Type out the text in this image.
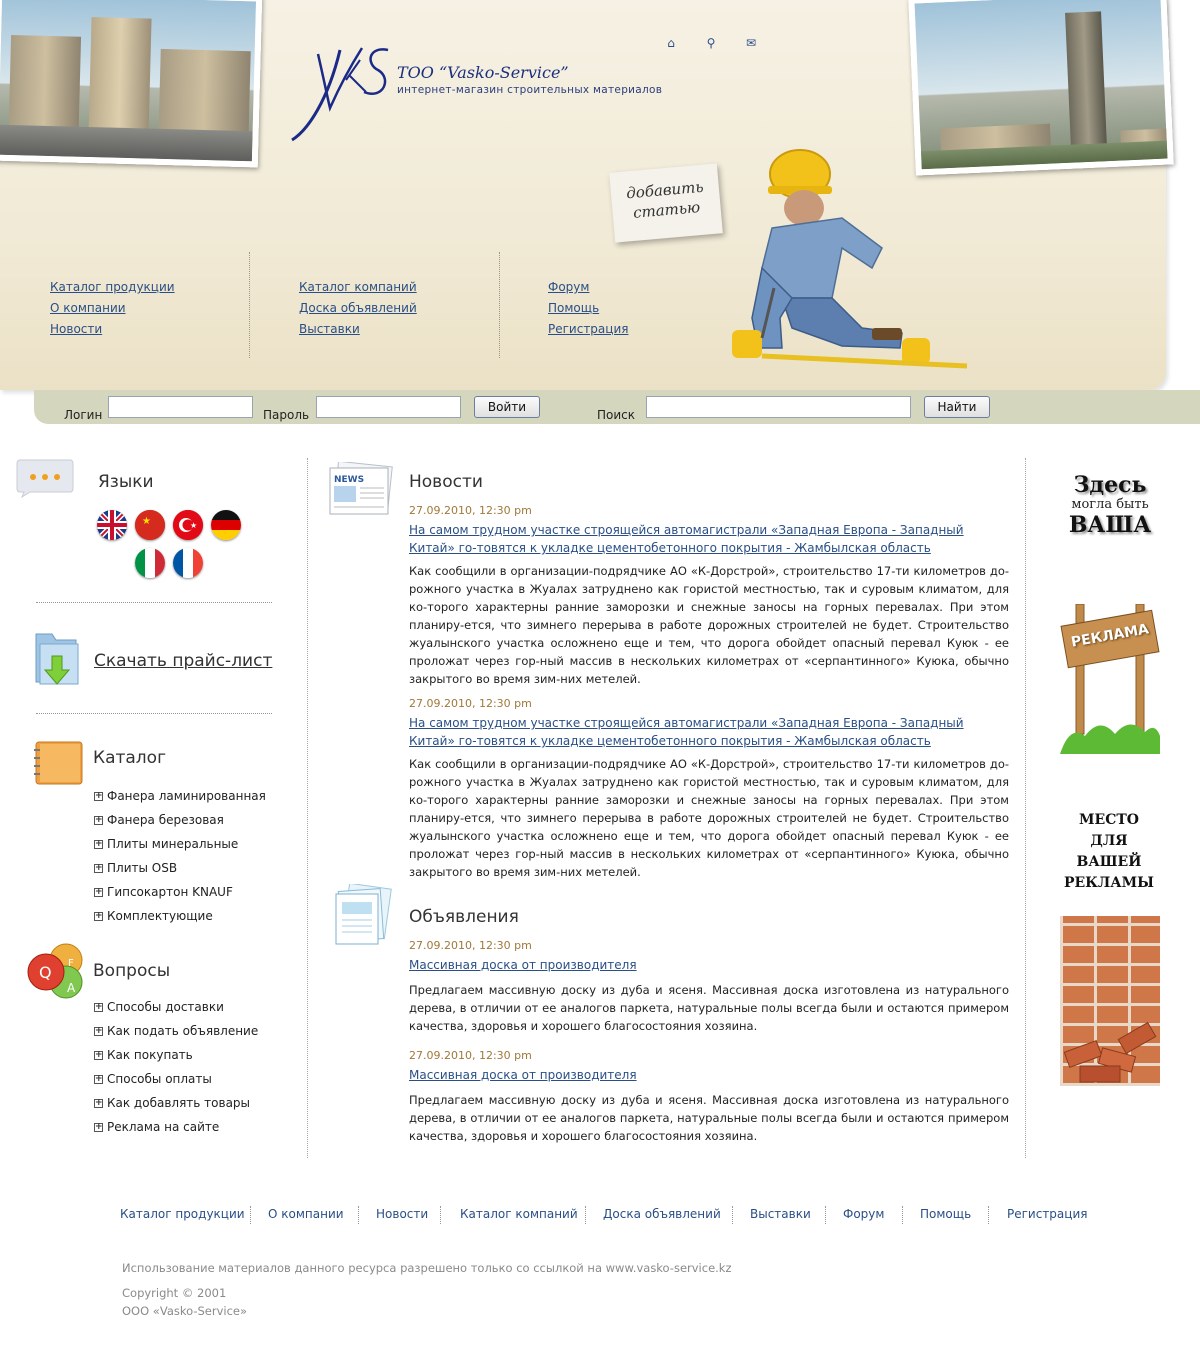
ТОО “Vasko-Service”
интернет-магазин строительных материалов
⌂	⚲	✉
добавить
статью
Каталог продукции
О компании
Новости
Каталог компаний
Доска объявлений
Выставки
Форум
Помощь
Регистрация
Логин	Пароль
Войти
Поиск
Найти
Языки
★	★
Скачать прайс-лист
Каталог
+ Фанера ламинированная
+ Фанера березовая
+ Плиты минеральные
+ Плиты OSB
+ Гипсокартон KNAUF
+ Комплектующие
Q F
A
Вопросы
+ Способы доставки
+ Как подать объявление
+ Как покупать
+ Способы оплаты
+ Как добавлять товары
+ Реклама на сайте
NEWS	Новости
27.09.2010, 12:30 pm
На самом трудном участке строящейся автомагистрали «Западная Европа - Западный Китай» го-товятся к укладке цементобетонного покрытия - Жамбылская область
Как сообщили в организации-подрядчике АО «К-Дорстрой», строительство 17-ти километров до-рожного участка в Жуалах затруднено как гористой местностью, так и суровым климатом, для ко-торого характерны ранние заморозки и снежные заносы на горных перевалах. При этом планиру-ется, что зимнего перерыва в работе дорожных строителей не будет. Строительство жуалынского участка осложнено еще и тем, что дорога обойдет опасный перевал Куюк - ее проложат через гор-ный массив в нескольких километрах от «серпантинного» Куюка, обычно закрытого во время зим-них метелей.
27.09.2010, 12:30 pm
На самом трудном участке строящейся автомагистрали «Западная Европа - Западный Китай» го-товятся к укладке цементобетонного покрытия - Жамбылская область
Как сообщили в организации-подрядчике АО «К-Дорстрой», строительство 17-ти километров до-рожного участка в Жуалах затруднено как гористой местностью, так и суровым климатом, для ко-торого характерны ранние заморозки и снежные заносы на горных перевалах. При этом планиру-ется, что зимнего перерыва в работе дорожных строителей не будет. Строительство жуалынского участка осложнено еще и тем, что дорога обойдет опасный перевал Куюк - ее проложат через гор-ный массив в нескольких километрах от «серпантинного» Куюка, обычно закрытого во время зим-них метелей.
Объявления
27.09.2010, 12:30 pm
Массивная доска от производителя
Предлагаем массивную доску из дуба и ясеня. Массивная доска изготовлена из натурального дерева, в отличии от ее аналогов паркета, натуральные полы всегда были и остаются примером качества, здоровья и хорошего благосостояния хозяина.
27.09.2010, 12:30 pm
Массивная доска от производителя
Предлагаем массивную доску из дуба и ясеня. Массивная доска изготовлена из натурального дерева, в отличии от ее аналогов паркета, натуральные полы всегда были и остаются примером качества, здоровья и хорошего благосостояния хозяина.
Здесь
могла быть
ВАША
РЕКЛАМА
МЕСТО
ДЛЯ
ВАШЕЙ
РЕКЛАМЫ
Каталог продукции О компании	Новости	Каталог компаний Доска объявлений Выставки	Форум	Помощь	Регистрация
Использование материалов данного ресурса разрешено только со ссылкой на www.vasko-service.kz
Copyright © 2001
ООО «Vasko-Service»
